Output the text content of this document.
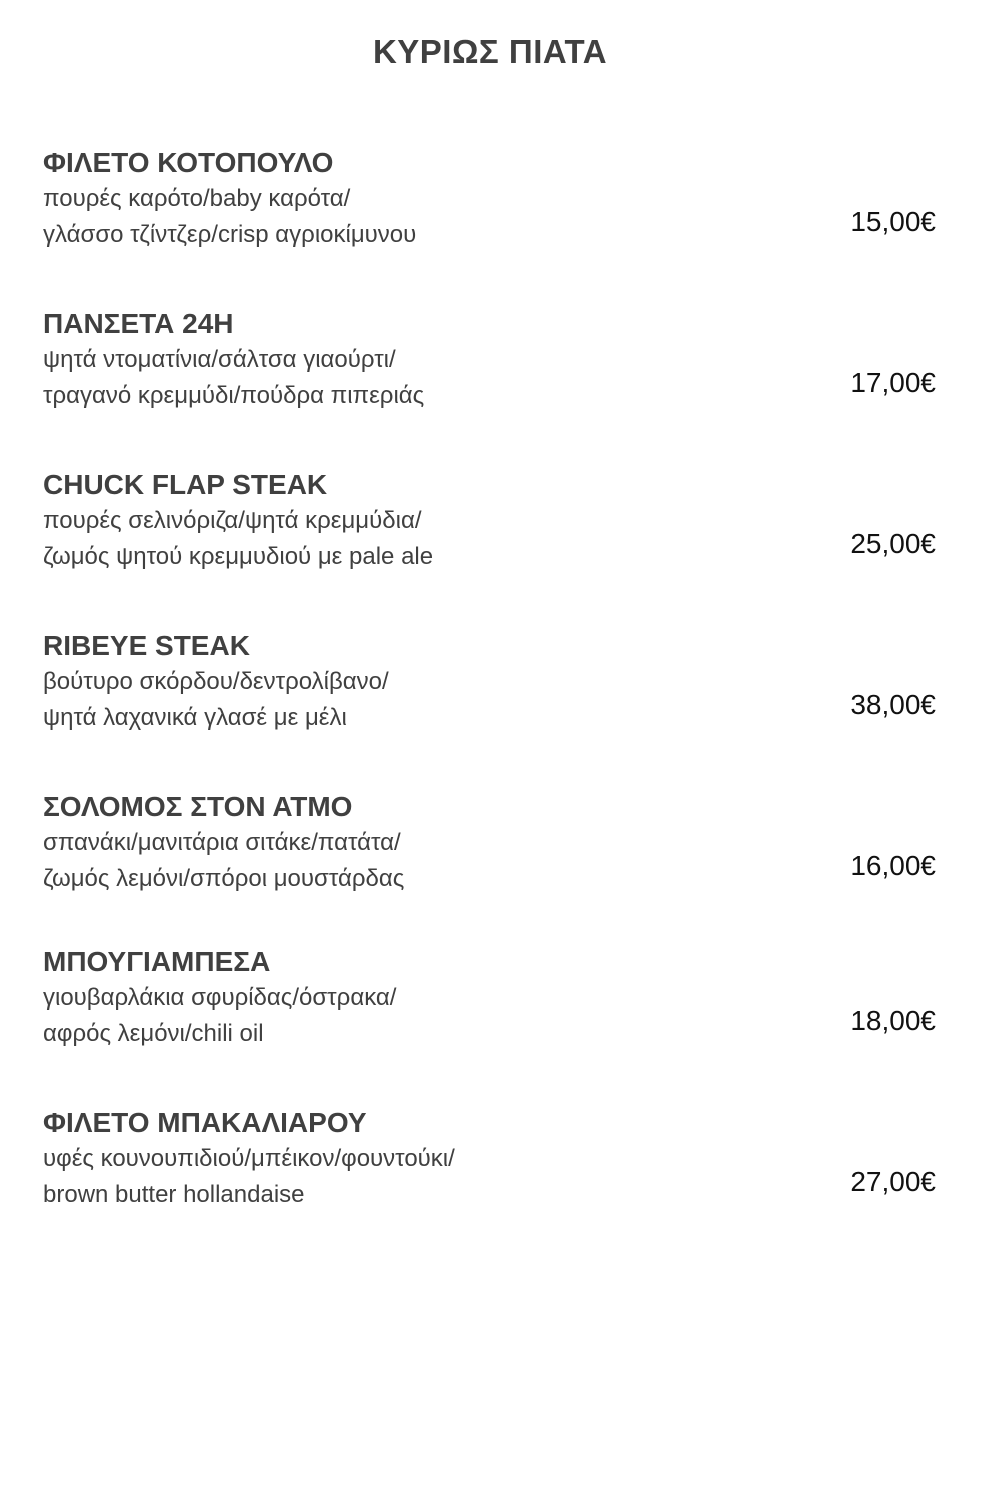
ΚΥΡΙΩΣ ΠΙΑΤΑ
ΦΙΛΕΤΟ ΚΟΤΟΠΟΥΛΟ
πουρές καρότο/baby καρότα/
γλάσσο τζίντζερ/crisp αγριοκίμυνου	15,00€
ΠΑΝΣΕΤΑ 24Η
ψητά ντοματίνια/σάλτσα γιαούρτι/
τραγανό κρεμμύδι/πούδρα πιπεριάς	17,00€
CHUCK FLAP STEAK
πουρές σελινόριζα/ψητά κρεμμύδια/
ζωμός ψητού κρεμμυδιού με pale ale	25,00€
RIBEYE STEAK
βούτυρο σκόρδου/δεντρολίβανο/
ψητά λαχανικά γλασέ με μέλι	38,00€
ΣΟΛΟΜΟΣ ΣΤΟΝ ΑΤΜΟ
σπανάκι/μανιτάρια σιτάκε/πατάτα/
ζωμός λεμόνι/σπόροι μουστάρδας	16,00€
ΜΠΟΥΓΙΑΜΠΕΣΑ
γιουβαρλάκια σφυρίδας/όστρακα/
αφρός λεμόνι/chili oil	18,00€
ΦΙΛΕΤΟ ΜΠΑΚΑΛΙΑΡΟΥ
υφές κουνουπιδιού/μπέικον/φουντούκι/
brown butter hollandaise	27,00€
